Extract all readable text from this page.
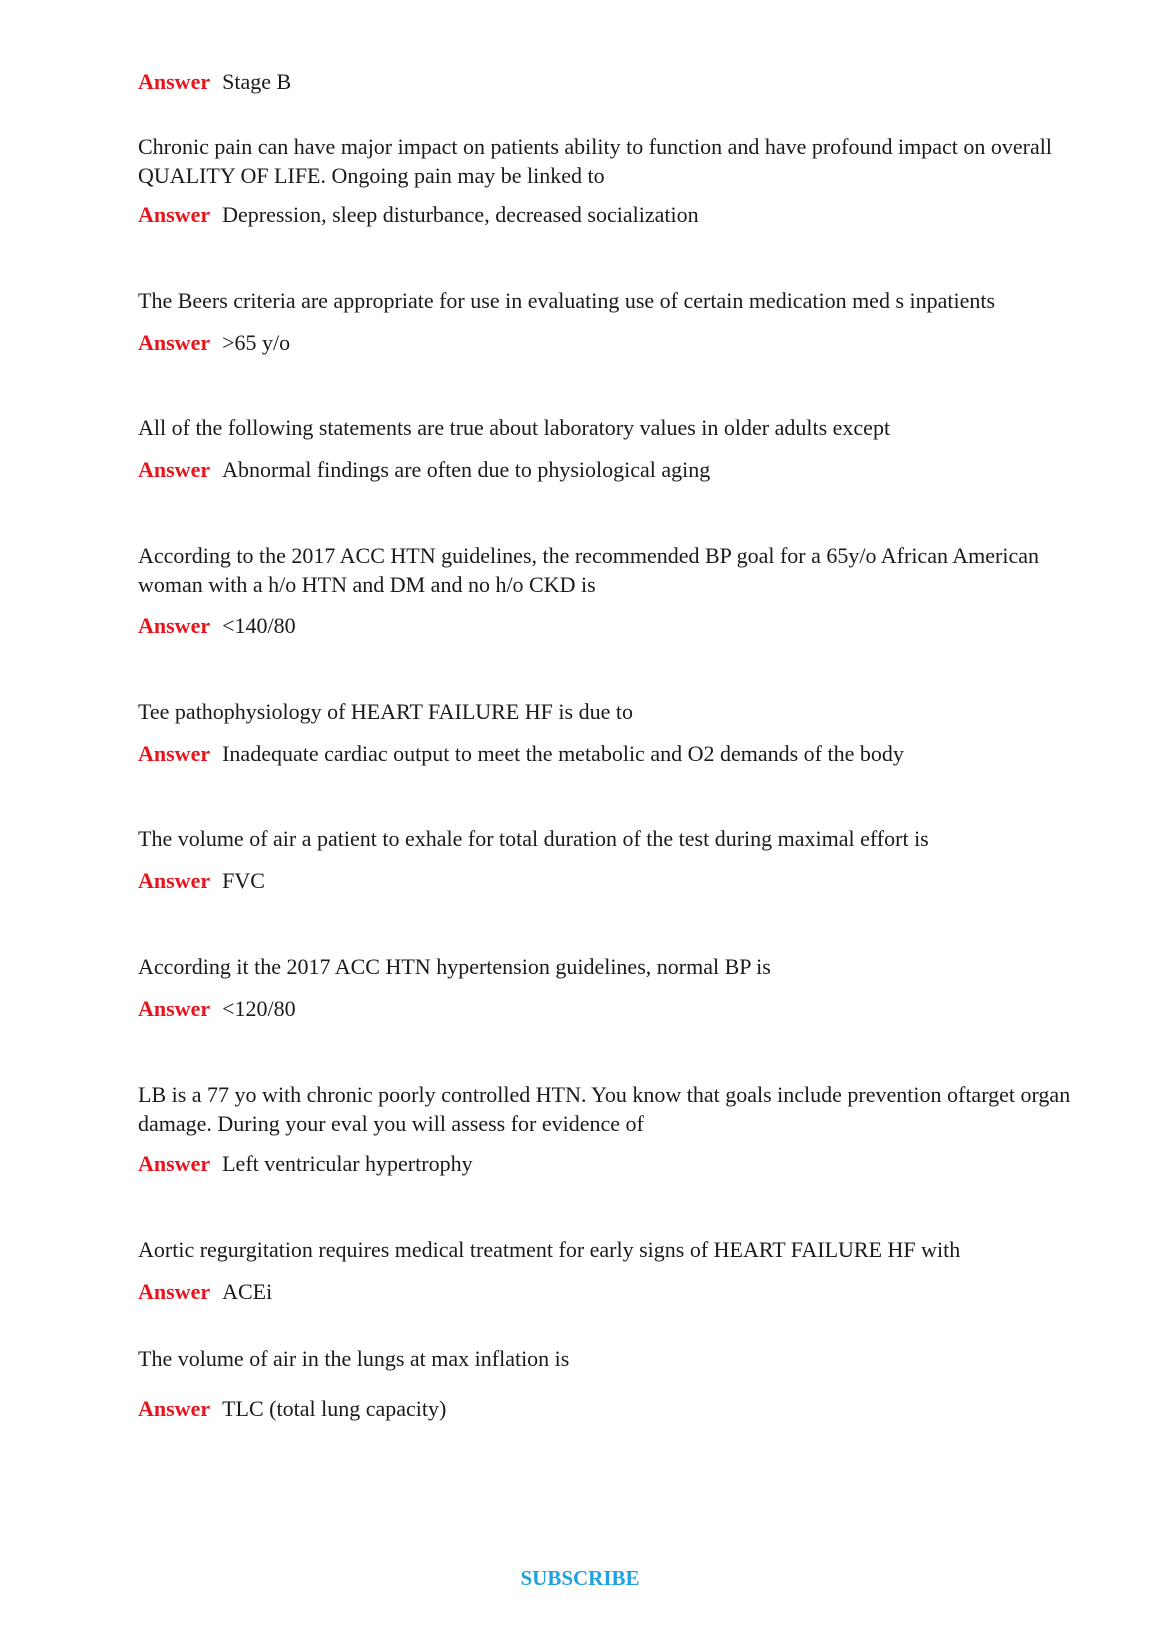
Answer Stage B
Chronic pain can have major impact on patients ability to function and have profound impact on overall QUALITY OF LIFE. Ongoing pain may be linked to
Answer Depression, sleep disturbance, decreased socialization
The Beers criteria are appropriate for use in evaluating use of certain medication med s inpatients
Answer >65 y/o
All of the following statements are true about laboratory values in older adults except
Answer Abnormal findings are often due to physiological aging
According to the 2017 ACC HTN guidelines, the recommended BP goal for a 65y/o African American woman with a h/o HTN and DM and no h/o CKD is
Answer <140/80
Tee pathophysiology of HEART FAILURE HF is due to
Answer Inadequate cardiac output to meet the metabolic and O2 demands of the body
The volume of air a patient to exhale for total duration of the test during maximal effort is
Answer FVC
According it the 2017 ACC HTN hypertension guidelines, normal BP is
Answer <120/80
LB is a 77 yo with chronic poorly controlled HTN. You know that goals include prevention oftarget organ damage. During your eval you will assess for evidence of
Answer Left ventricular hypertrophy
Aortic regurgitation requires medical treatment for early signs of HEART FAILURE HF with
Answer ACEi
The volume of air in the lungs at max inflation is
Answer TLC (total lung capacity)
SUBSCRIBE
